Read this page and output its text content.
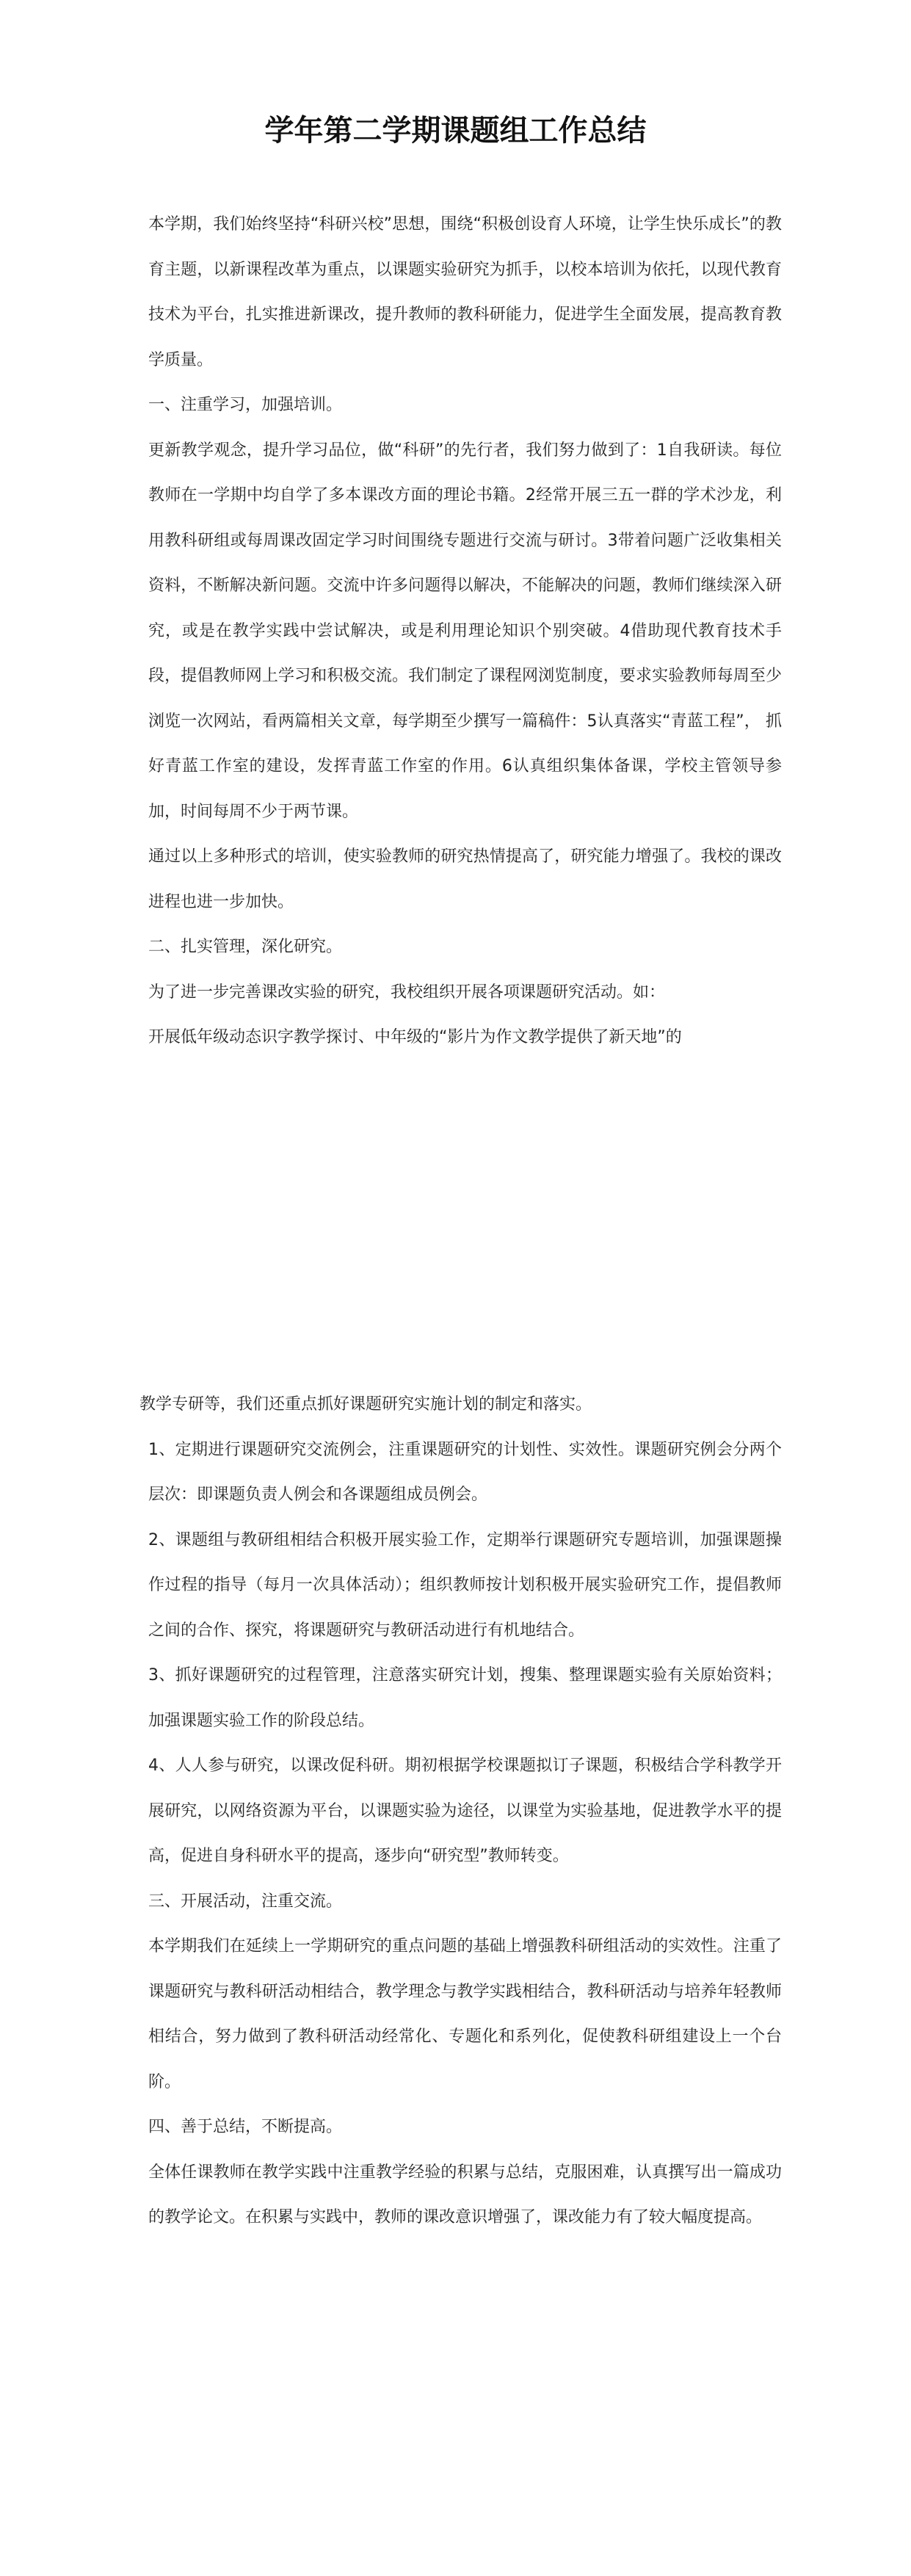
学年第二学期课题组工作总结

本学期，我们始终坚持“科研兴校”思想，围绕“积极创设育人环境，让学生快乐成长”的教育主题，以新课程改革为重点，以课题实验研究为抓手，以校本培训为依托，以现代教育技术为平台，扎实推进新课改，提升教师的教科研能力，促进学生全面发展，提高教育教学质量。

一、注重学习，加强培训。

更新教学观念，提升学习品位，做“科研”的先行者，我们努力做到了：1自我研读。每位教师在一学期中均自学了多本课改方面的理论书籍。2经常开展三五一群的学术沙龙，利用教科研组或每周课改固定学习时间围绕专题进行交流与研讨。3带着问题广泛收集相关资料，不断解决新问题。交流中许多问题得以解决，不能解决的问题，教师们继续深入研究，或是在教学实践中尝试解决，或是利用理论知识个别突破。4借助现代教育技术手段，提倡教师网上学习和积极交流。我们制定了课程网浏览制度，要求实验教师每周至少浏览一次网站，看两篇相关文章，每学期至少撰写一篇稿件：5认真落实“青蓝工程”， 抓好青蓝工作室的建设，发挥青蓝工作室的作用。6认真组织集体备课，学校主管领导参加，时间每周不少于两节课。

通过以上多种形式的培训，使实验教师的研究热情提高了，研究能力增强了。我校的课改进程也进一步加快。

二、扎实管理，深化研究。

为了进一步完善课改实验的研究，我校组织开展各项课题研究活动。如：

开展低年级动态识字教学探讨、中年级的“影片为作文教学提供了新天地”的

教学专研等，我们还重点抓好课题研究实施计划的制定和落实。

1、定期进行课题研究交流例会，注重课题研究的计划性、实效性。课题研究例会分两个层次：即课题负责人例会和各课题组成员例会。

2、课题组与教研组相结合积极开展实验工作，定期举行课题研究专题培训，加强课题操作过程的指导（每月一次具体活动）；组织教师按计划积极开展实验研究工作，提倡教师之间的合作、探究，将课题研究与教研活动进行有机地结合。

3、抓好课题研究的过程管理，注意落实研究计划，搜集、整理课题实验有关原始资料；加强课题实验工作的阶段总结。

4、人人参与研究，以课改促科研。期初根据学校课题拟订子课题，积极结合学科教学开展研究，以网络资源为平台，以课题实验为途径，以课堂为实验基地，促进教学水平的提高，促进自身科研水平的提高，逐步向“研究型”教师转变。

三、开展活动，注重交流。

本学期我们在延续上一学期研究的重点问题的基础上增强教科研组活动的实效性。注重了课题研究与教科研活动相结合，教学理念与教学实践相结合，教科研活动与培养年轻教师相结合，努力做到了教科研活动经常化、专题化和系列化，促使教科研组建设上一个台阶。

四、善于总结，不断提高。

全体任课教师在教学实践中注重教学经验的积累与总结，克服困难，认真撰写出一篇成功的教学论文。在积累与实践中，教师的课改意识增强了，课改能力有了较大幅度提高。
